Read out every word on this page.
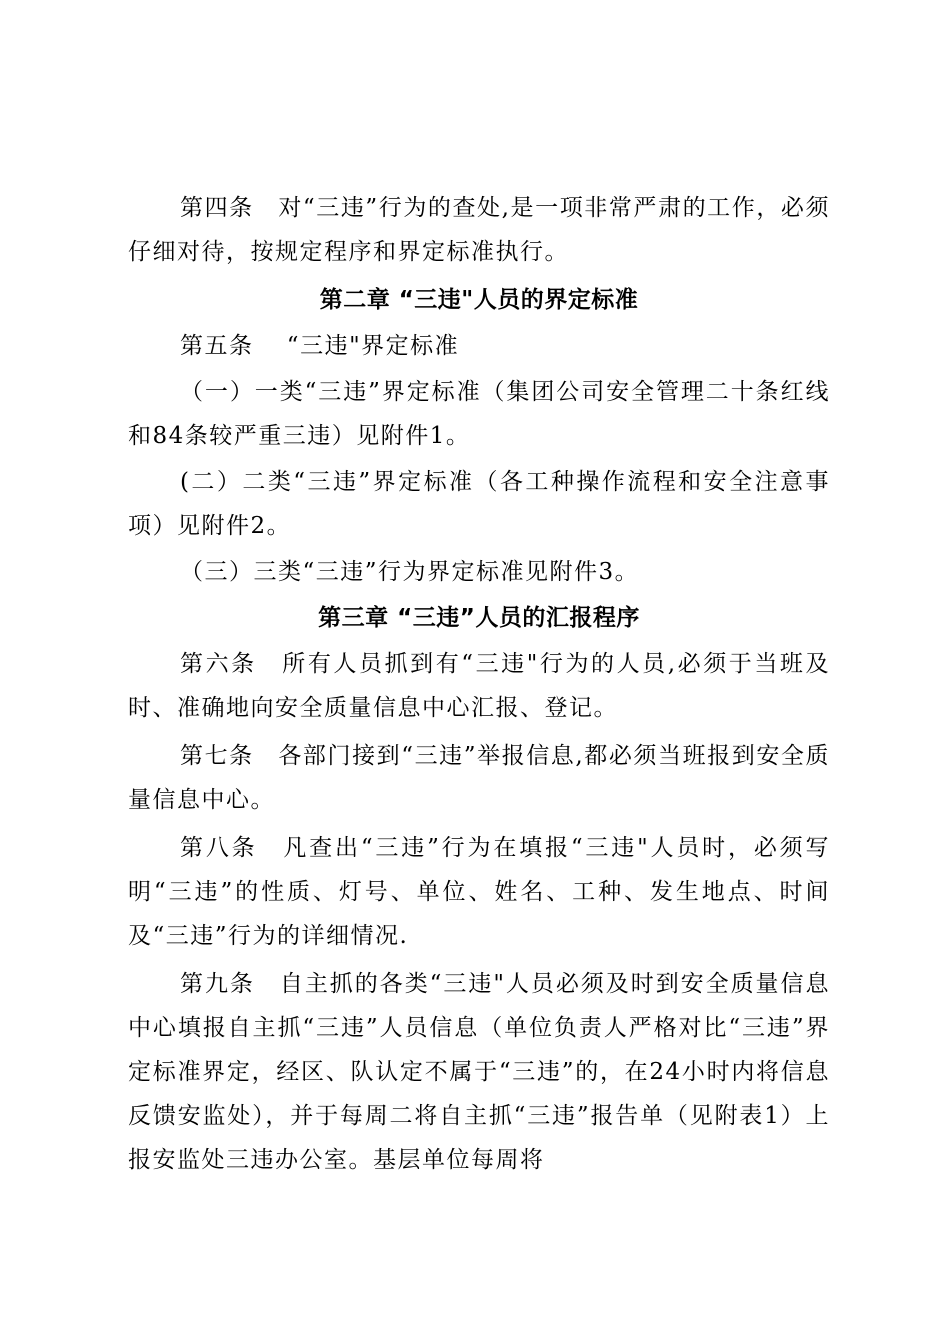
第四条　对“三违”行为的查处,是一项非常严肃的工作，必须仔细对待，按规定程序和界定标准执行。

第二章 “三违"人员的界定标准

第五条　 “三违"界定标准

（一）一类“三违”界定标准（集团公司安全管理二十条红线和84条较严重三违）见附件1。

(二）二类“三违”界定标准（各工种操作流程和安全注意事项）见附件2。

（三）三类“三违”行为界定标准见附件3。

第三章 “三违”人员的汇报程序

第六条　所有人员抓到有“三违"行为的人员,必须于当班及时、准确地向安全质量信息中心汇报、登记。

第七条　各部门接到“三违”举报信息,都必须当班报到安全质量信息中心。

第八条　凡查出“三违”行为在填报“三违"人员时，必须写明“三违”的性质、灯号、单位、姓名、工种、发生地点、时间及“三违”行为的详细情况.

第九条　自主抓的各类“三违"人员必须及时到安全质量信息中心填报自主抓“三违”人员信息（单位负责人严格对比“三违”界定标准界定，经区、队认定不属于“三违”的，在24小时内将信息反馈安监处），并于每周二将自主抓“三违”报告单（见附表1）上报安监处三违办公室。基层单位每周将
